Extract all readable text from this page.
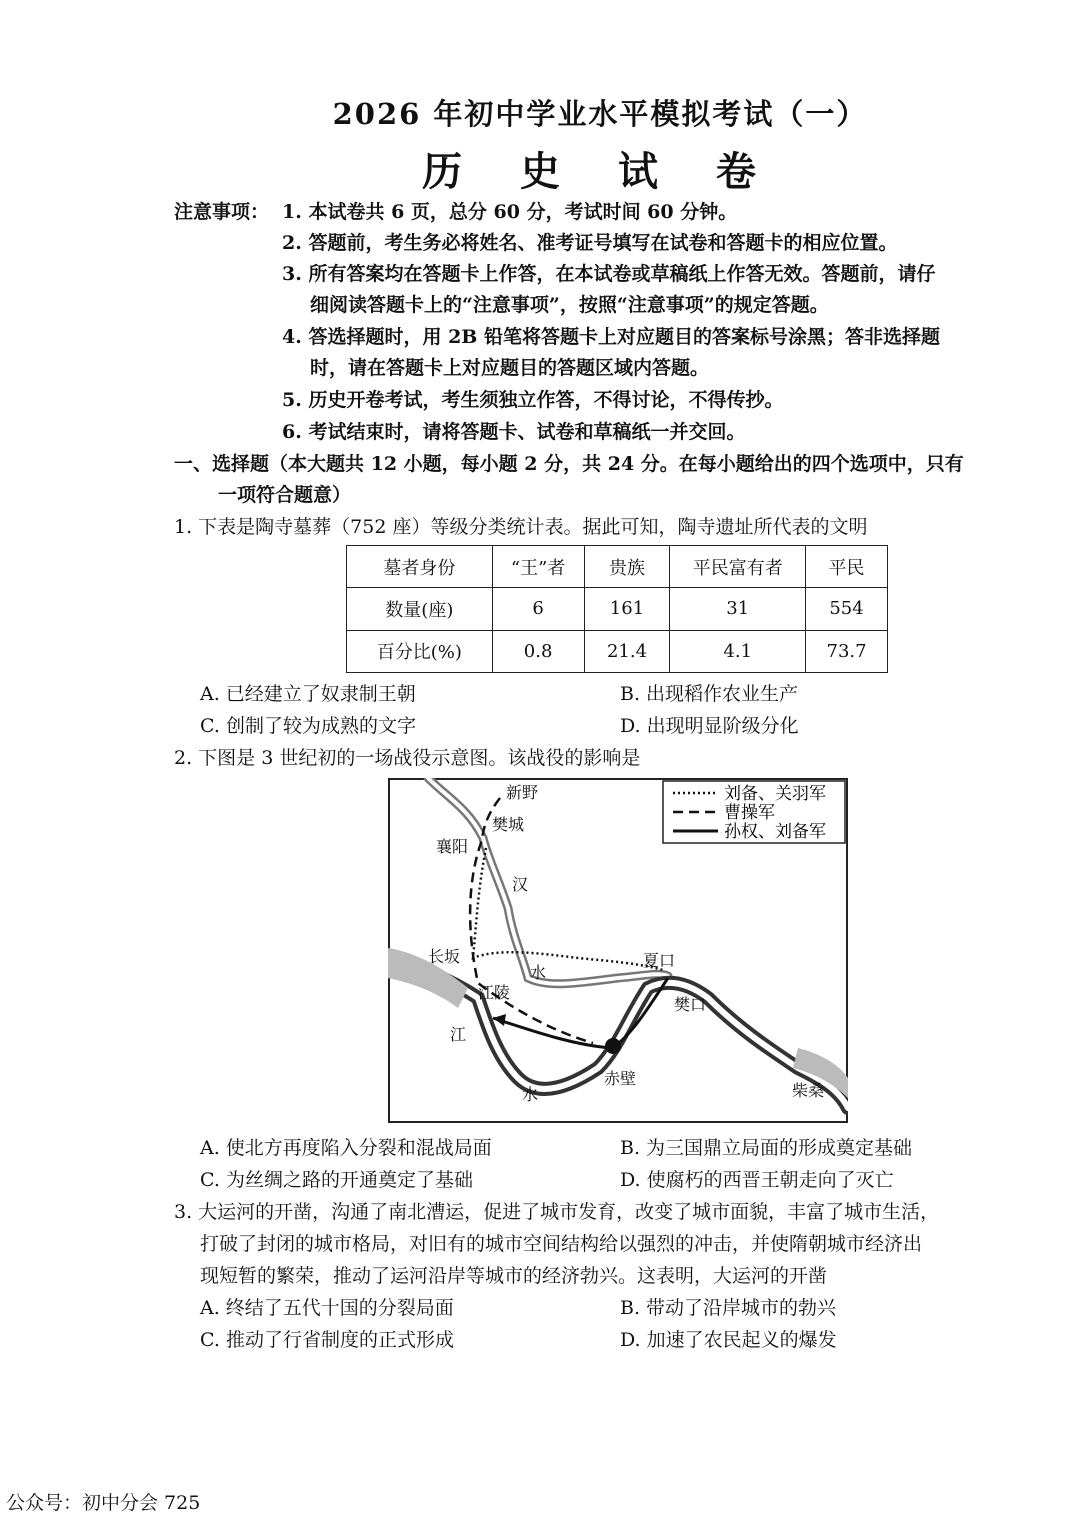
2026 年初中学业水平模拟考试（一）
历 史 试 卷
注意事项： 1. 本试卷共 6 页，总分 60 分，考试时间 60 分钟。
2. 答题前，考生务必将姓名、准考证号填写在试卷和答题卡的相应位置。
3. 所有答案均在答题卡上作答，在本试卷或草稿纸上作答无效。答题前，请仔
细阅读答题卡上的“注意事项”，按照“注意事项”的规定答题。
4. 答选择题时，用 2B 铅笔将答题卡上对应题目的答案标号涂黑；答非选择题
时，请在答题卡上对应题目的答题区域内答题。
5. 历史开卷考试，考生须独立作答，不得讨论，不得传抄。
6. 考试结束时，请将答题卡、试卷和草稿纸一并交回。
一、选择题（本大题共 12 小题，每小题 2 分，共 24 分。在每小题给出的四个选项中，只有
一项符合题意）
1. 下表是陶寺墓葬（752 座）等级分类统计表。据此可知，陶寺遗址所代表的文明
墓者身份	“王”者	贵族	平民富有者	平民
数量(座)	6	161	31	554
百分比(%)	0.8	21.4	4.1	73.7
A. 已经建立了奴隶制王朝	B. 出现稻作农业生产
C. 创制了较为成熟的文字	D. 出现明显阶级分化
2. 下图是 3 世纪初的一场战役示意图。该战役的影响是
刘备、关羽军
曹操军
孙权、刘备军
新野
樊城
襄阳
汉
长坂
水
夏口
江陵
樊口
江
赤壁
水	柴桑
A. 使北方再度陷入分裂和混战局面	B. 为三国鼎立局面的形成奠定基础
C. 为丝绸之路的开通奠定了基础	D. 使腐朽的西晋王朝走向了灭亡
3. 大运河的开凿，沟通了南北漕运，促进了城市发育，改变了城市面貌，丰富了城市生活，
打破了封闭的城市格局，对旧有的城市空间结构给以强烈的冲击，并使隋朝城市经济出
现短暂的繁荣，推动了运河沿岸等城市的经济勃兴。这表明，大运河的开凿
A. 终结了五代十国的分裂局面	B. 带动了沿岸城市的勃兴
C. 推动了行省制度的正式形成	D. 加速了农民起义的爆发
公众号：初中分会 725
